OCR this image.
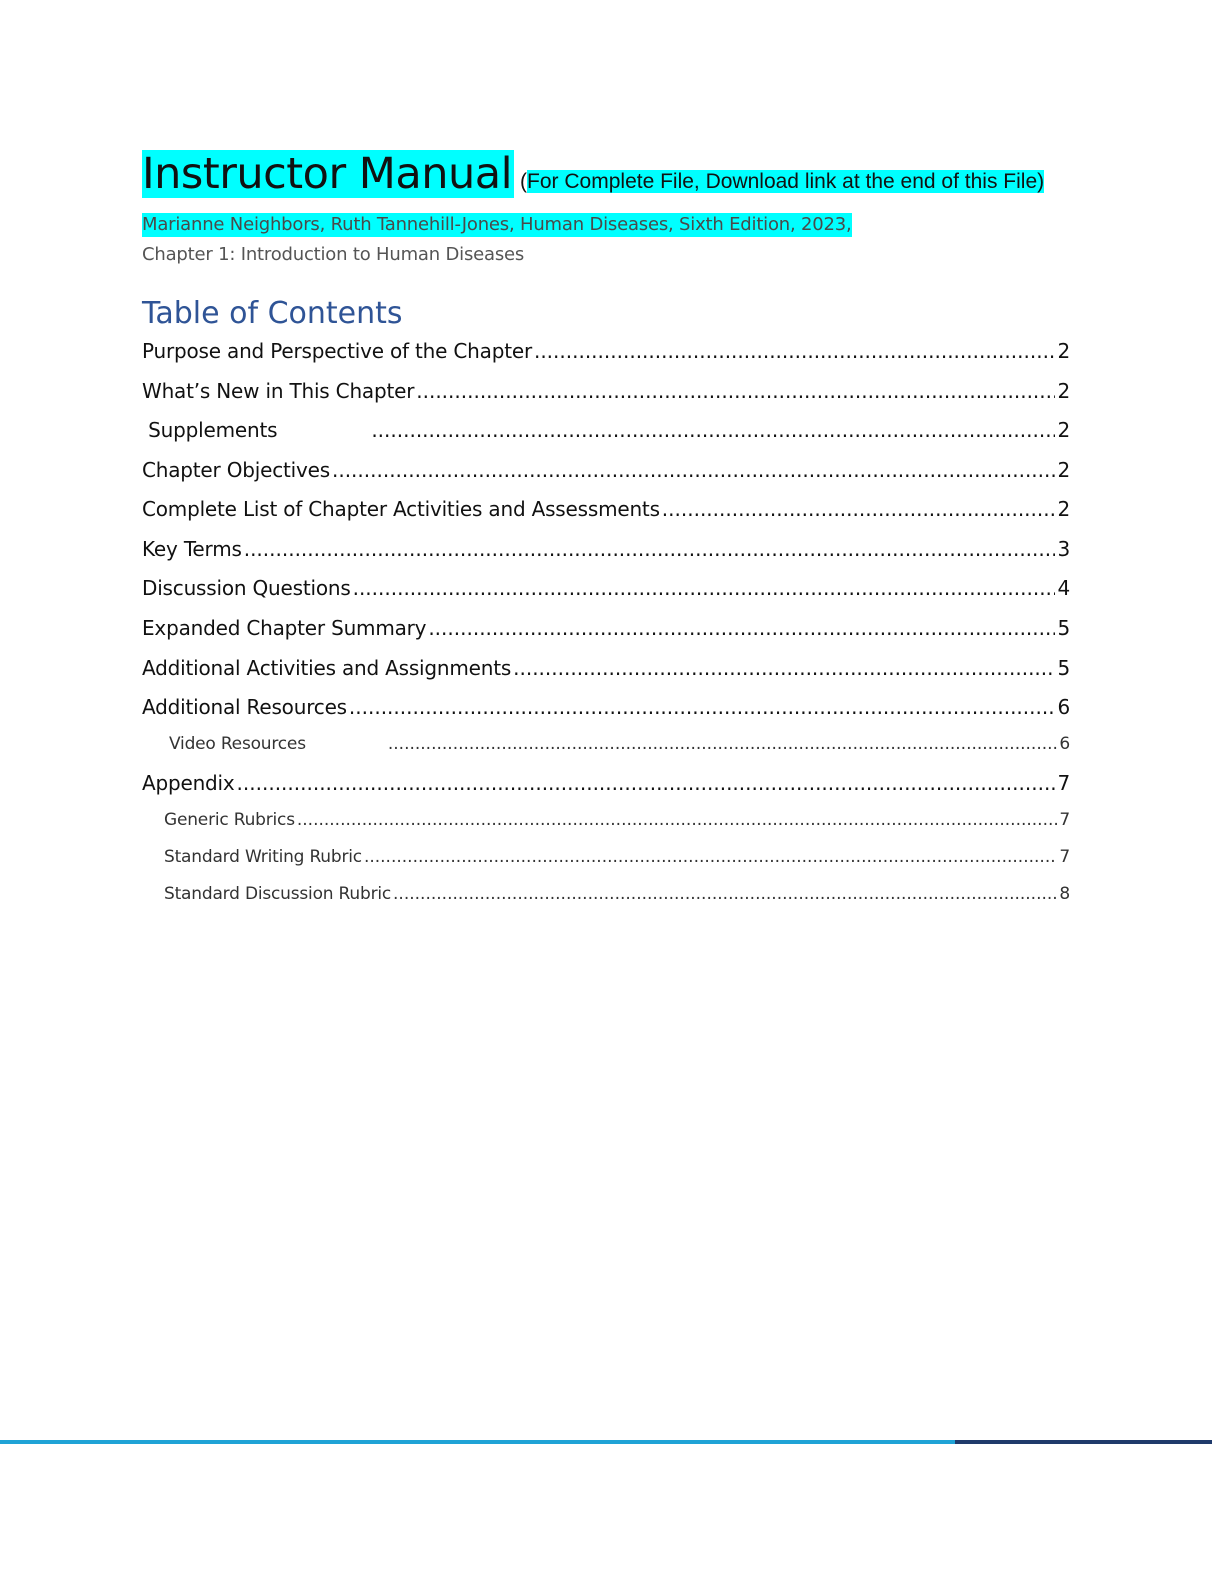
Instructor Manual (For Complete File, Download link at the end of this File)
Marianne Neighbors, Ruth Tannehill-Jones, Human Diseases, Sixth Edition, 2023,
Chapter 1: Introduction to Human Diseases
Table of Contents
Purpose and Perspective of the Chapter .....	2
What’s New in This Chapter .....	2
Supplements .....	2
Chapter Objectives .....	2
Complete List of Chapter Activities and Assessments .....	2
Key Terms .....	3
Discussion Questions .....	4
Expanded Chapter Summary .....	5
Additional Activities and Assignments .....	5
Additional Resources .....	6
Video Resources .....	6
Appendix .....	7
Generic Rubrics .....	7
Standard Writing Rubric .....	7
Standard Discussion Rubric .....	8
